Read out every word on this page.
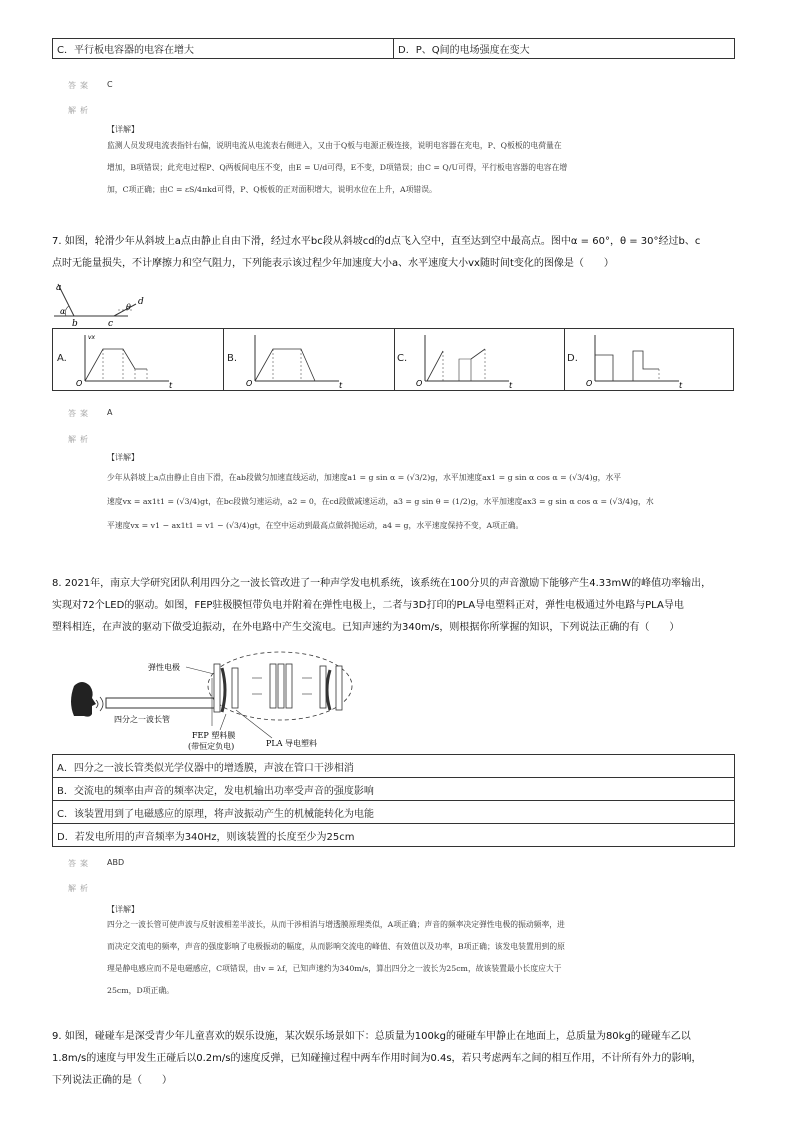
C．平行板电容器的电容在增大	D．P、Q间的电场强度在变大
答案 C
解析
【详解】
监测人员发现电流表指针右偏，说明电流从电流表右侧进入，又由于Q板与电源正极连接，说明电容器在充电，P、Q板板的电荷量在
增加，B项错误；此充电过程P、Q两板间电压不变，由E = U/d可得，E不变，D项错误；由C = Q/U可得，平行板电容器的电容在增
加，C项正确；由C = εS/4πkd可得，P、Q板板的正对面积增大，说明水位在上升，A项错误。
7. 如图，轮滑少年从斜坡上a点由静止自由下滑，经过水平bc段从斜坡cd的d点飞入空中，直至达到空中最高点。图中α = 60°，θ = 30°经过b、c
点时无能量损失，不计摩擦力和空气阻力，下列能表示该过程少年加速度大小a、水平速度大小vx随时间t变化的图像是（　　）
a
α
b	c
θ
d
A.
O	t
vx
B.
O	t
C.
O	t
D.
O	t
答案 A
解析
【详解】
少年从斜坡上a点由静止自由下滑，在ab段做匀加速直线运动，加速度a1 = g sin α = (√3/2)g，水平加速度ax1 = g sin α cos α = (√3/4)g，水平
速度vx = ax1t1 = (√3/4)gt，在bc段做匀速运动，a2 = 0，在cd段做减速运动，a3 = g sin θ = (1/2)g，水平加速度ax3 = g sin α cos α = (√3/4)g，水
平速度vx = v1 − ax1t1 = v1 − (√3/4)gt，在空中运动到最高点做斜抛运动，a4 = g，水平速度保持不变，A项正确。
8. 2021年，南京大学研究团队利用四分之一波长管改进了一种声学发电机系统，该系统在100分贝的声音激励下能够产生4.33mW的峰值功率输出，
实现对72个LED的驱动。如图，FEP驻极膜恒带负电并附着在弹性电极上，二者与3D打印的PLA导电塑料正对，弹性电极通过外电路与PLA导电
塑料相连，在声波的驱动下做受迫振动，在外电路中产生交流电。已知声速约为340m/s，则根据你所掌握的知识，下列说法正确的有（　　）
四分之一波长管
弹性电极
FEP 塑料膜
(带恒定负电)	PLA 导电塑料
A．四分之一波长管类似光学仪器中的增透膜，声波在管口干涉相消
B．交流电的频率由声音的频率决定，发电机输出功率受声音的强度影响
C．该装置用到了电磁感应的原理，将声波振动产生的机械能转化为电能
D．若发电所用的声音频率为340Hz，则该装置的长度至少为25cm
答案 ABD
解析
【详解】
四分之一波长管可使声波与反射波相差半波长，从而干涉相消与增透膜原理类似，A项正确；声音的频率决定弹性电极的振动频率，进
而决定交流电的频率，声音的强度影响了电极振动的幅度，从而影响交流电的峰值、有效值以及功率，B项正确；该发电装置用到的原
理是静电感应而不是电磁感应，C项错误，由v = λf，已知声速约为340m/s，算出四分之一波长为25cm，故该装置最小长度应大于
25cm，D项正确。
9. 如图，碰碰车是深受青少年儿童喜欢的娱乐设施，某次娱乐场景如下：总质量为100kg的碰碰车甲静止在地面上，总质量为80kg的碰碰车乙以
1.8m/s的速度与甲发生正碰后以0.2m/s的速度反弹，已知碰撞过程中两车作用时间为0.4s，若只考虑两车之间的相互作用，不计所有外力的影响，
下列说法正确的是（　　）
